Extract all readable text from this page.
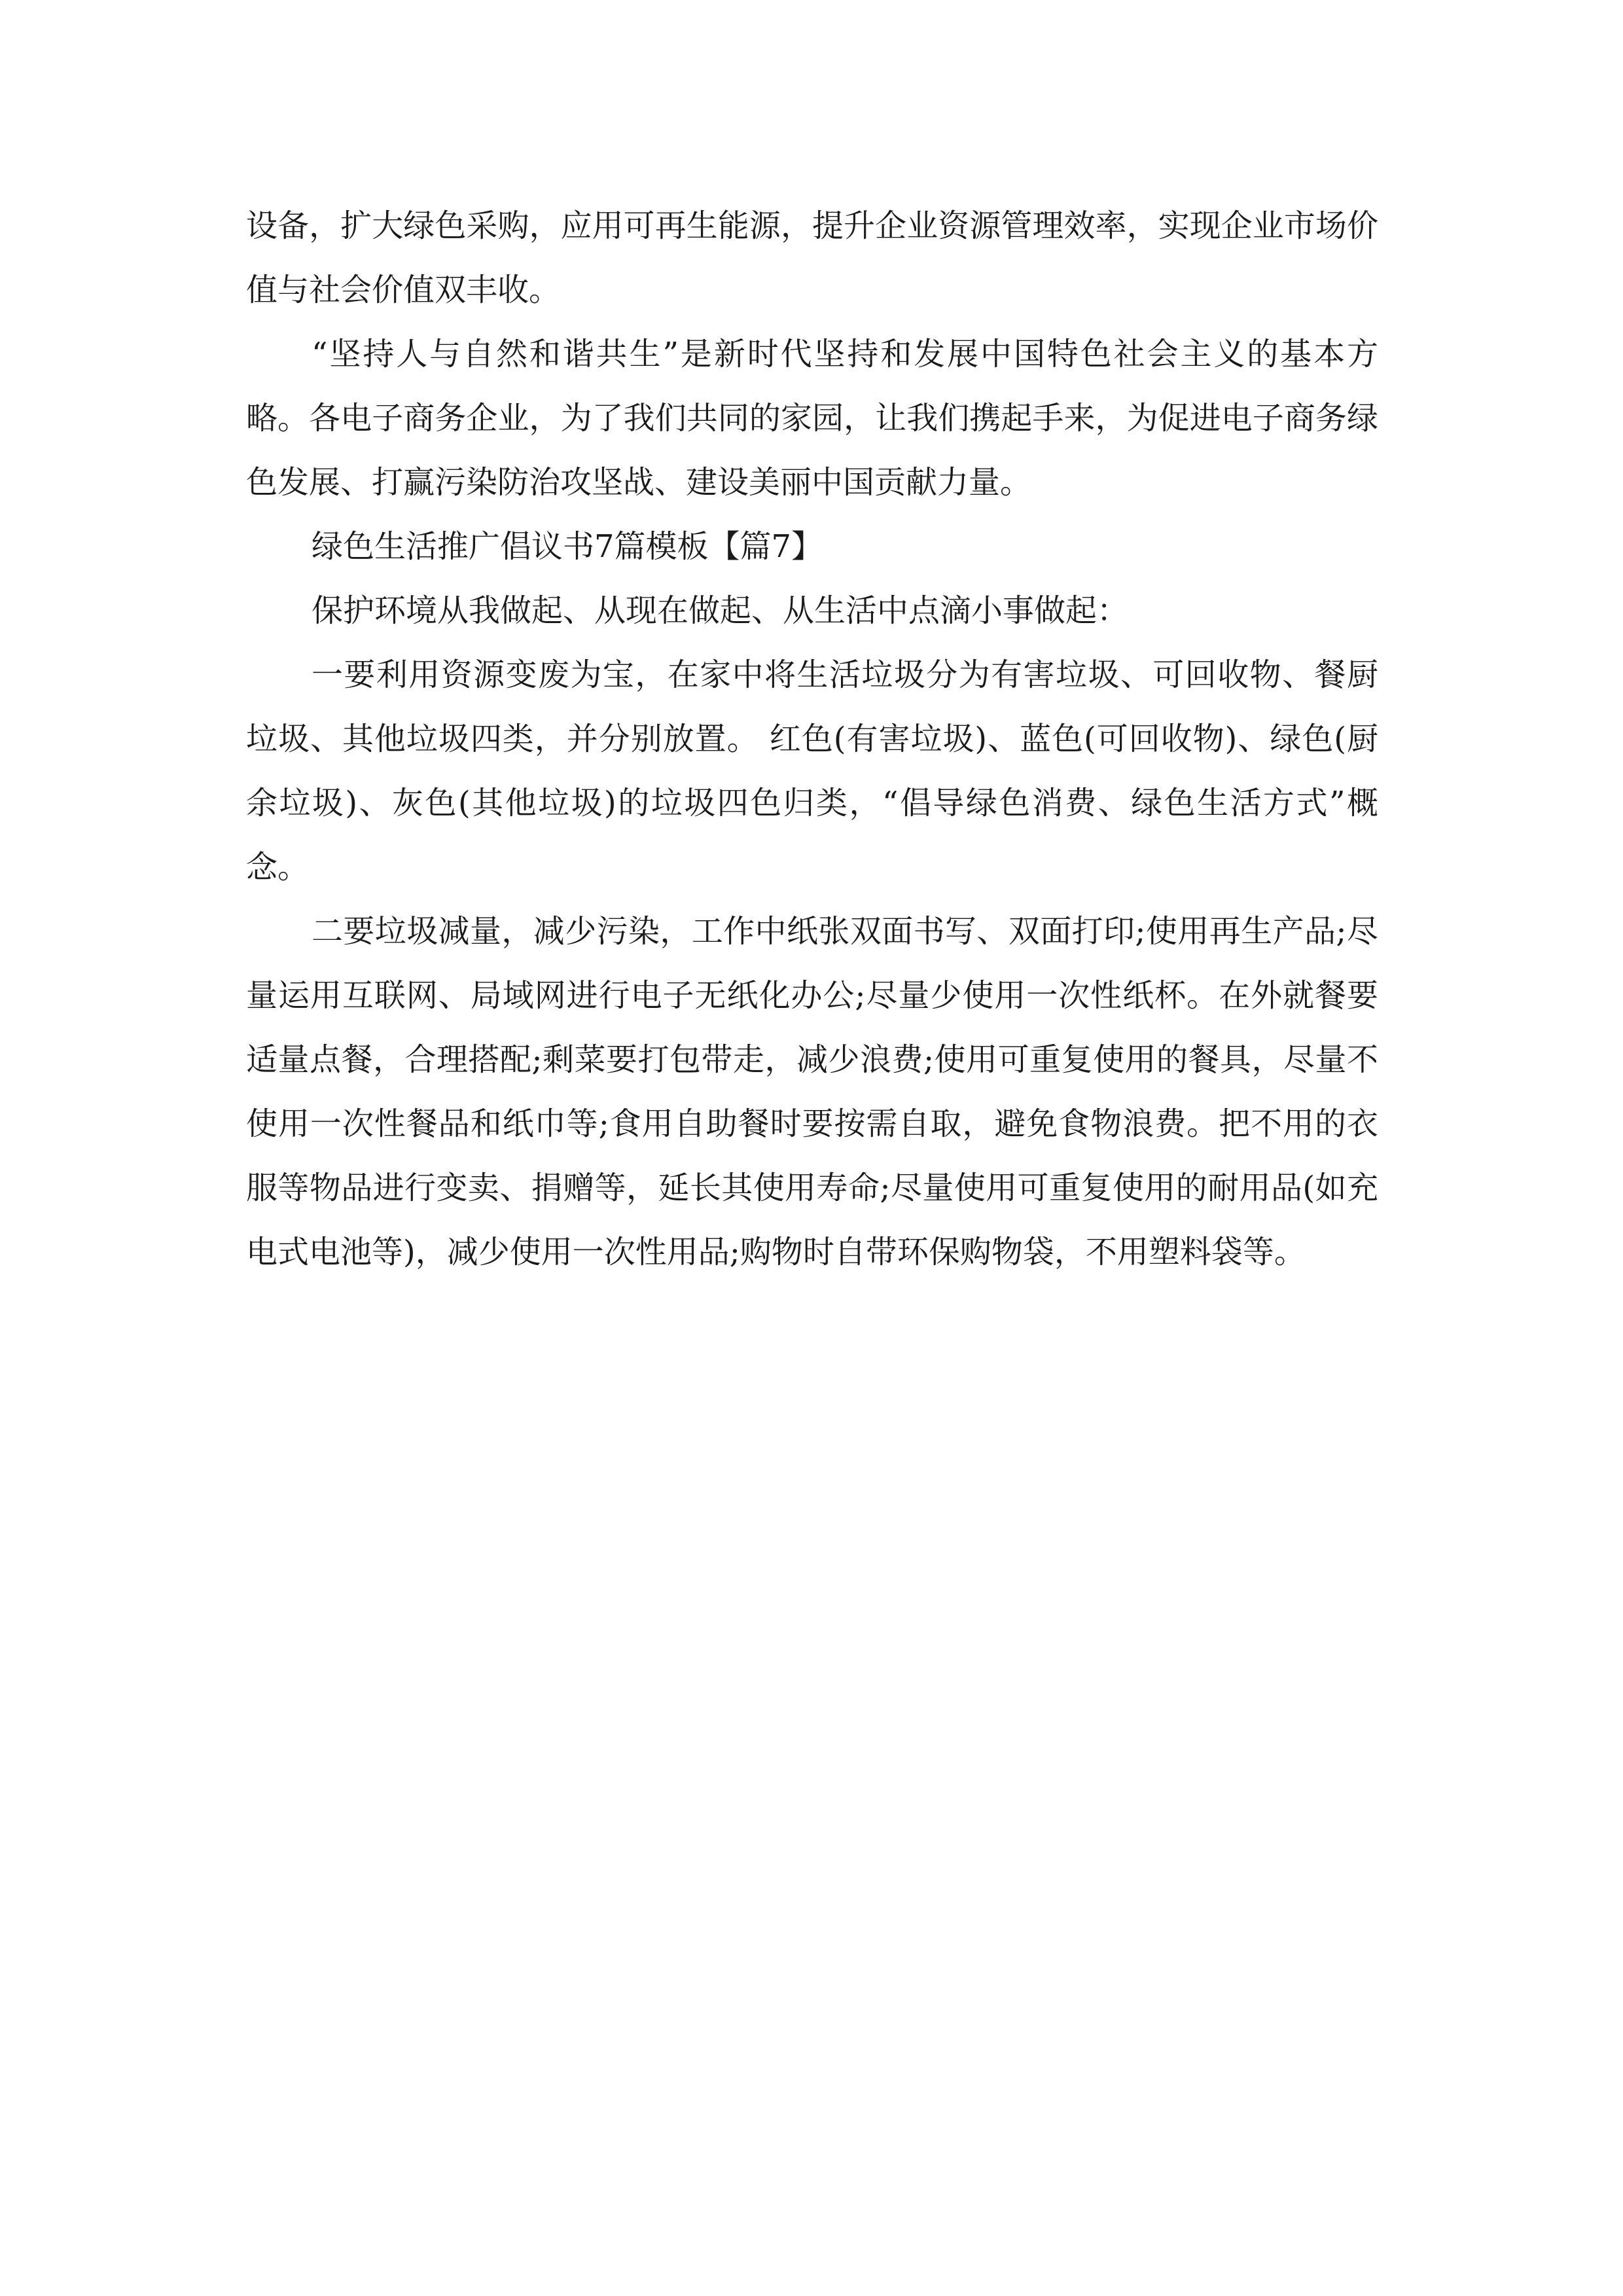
设备，扩大绿色采购，应用可再生能源，提升企业资源管理效率，实现企业市场价值与社会价值双丰收。

“坚持人与自然和谐共生”是新时代坚持和发展中国特色社会主义的基本方略。各电子商务企业，为了我们共同的家园，让我们携起手来，为促进电子商务绿色发展、打赢污染防治攻坚战、建设美丽中国贡献力量。

绿色生活推广倡议书7篇模板【篇7】

保护环境从我做起、从现在做起、从生活中点滴小事做起：

一要利用资源变废为宝，在家中将生活垃圾分为有害垃圾、可回收物、餐厨垃圾、其他垃圾四类，并分别放置。 红色(有害垃圾)、蓝色(可回收物)、绿色(厨余垃圾)、灰色(其他垃圾)的垃圾四色归类，“倡导绿色消费、绿色生活方式”概念。

二要垃圾减量，减少污染，工作中纸张双面书写、双面打印;使用再生产品;尽量运用互联网、局域网进行电子无纸化办公;尽量少使用一次性纸杯。在外就餐要适量点餐，合理搭配;剩菜要打包带走，减少浪费;使用可重复使用的餐具，尽量不使用一次性餐品和纸巾等;食用自助餐时要按需自取，避免食物浪费。把不用的衣服等物品进行变卖、捐赠等，延长其使用寿命;尽量使用可重复使用的耐用品(如充电式电池等)，减少使用一次性用品;购物时自带环保购物袋，不用塑料袋等。
